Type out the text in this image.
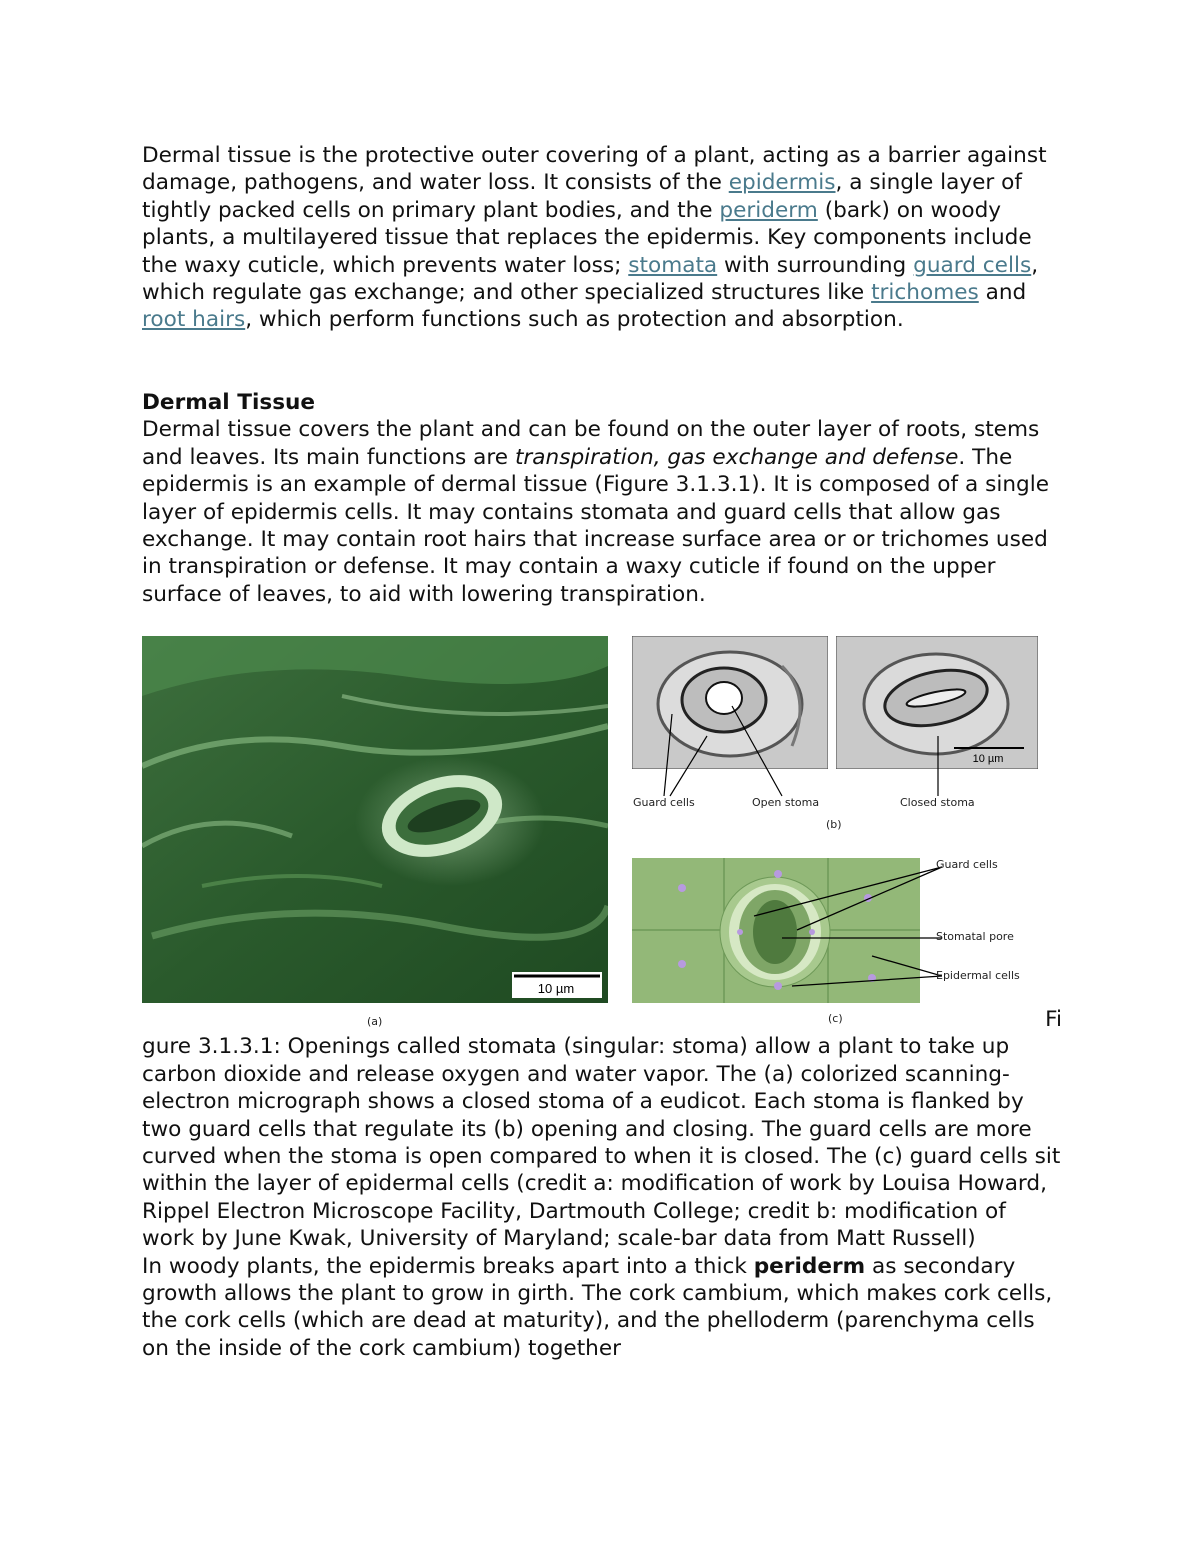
Dermal tissue is the protective outer covering of a plant, acting as a barrier against damage, pathogens, and water loss. It consists of the epidermis, a single layer of tightly packed cells on primary plant bodies, and the periderm (bark) on woody plants, a multilayered tissue that replaces the epidermis. Key components include the waxy cuticle, which prevents water loss; stomata with surrounding guard cells, which regulate gas exchange; and other specialized structures like trichomes and root hairs, which perform functions such as protection and absorption.

Dermal Tissue

Dermal tissue covers the plant and can be found on the outer layer of roots, stems and leaves. Its main functions are transpiration, gas exchange and defense. The epidermis is an example of dermal tissue (Figure 3.1.3.1). It is composed of a single layer of epidermis cells. It may contains stomata and guard cells that allow gas exchange. It may contain root hairs that increase surface area or or trichomes used in transpiration or defense. It may contain a waxy cuticle if found on the upper surface of leaves, to aid with lowering transpiration.

10 µm
(a)
10 µm
Guard cells	Open stoma	Closed stoma
(b)
Guard cells
Stomatal pore
Epidermal cells
(c)	Fi

gure 3.1.3.1: Openings called stomata (singular: stoma) allow a plant to take up carbon dioxide and release oxygen and water vapor. The (a) colorized scanning-electron micrograph shows a closed stoma of a eudicot. Each stoma is flanked by two guard cells that regulate its (b) opening and closing. The guard cells are more curved when the stoma is open compared to when it is closed. The (c) guard cells sit within the layer of epidermal cells (credit a: modification of work by Louisa Howard, Rippel Electron Microscope Facility, Dartmouth College; credit b: modification of work by June Kwak, University of Maryland; scale-bar data from Matt Russell)

In woody plants, the epidermis breaks apart into a thick periderm as secondary growth allows the plant to grow in girth. The cork cambium, which makes cork cells, the cork cells (which are dead at maturity), and the phelloderm (parenchyma cells on the inside of the cork cambium) together
